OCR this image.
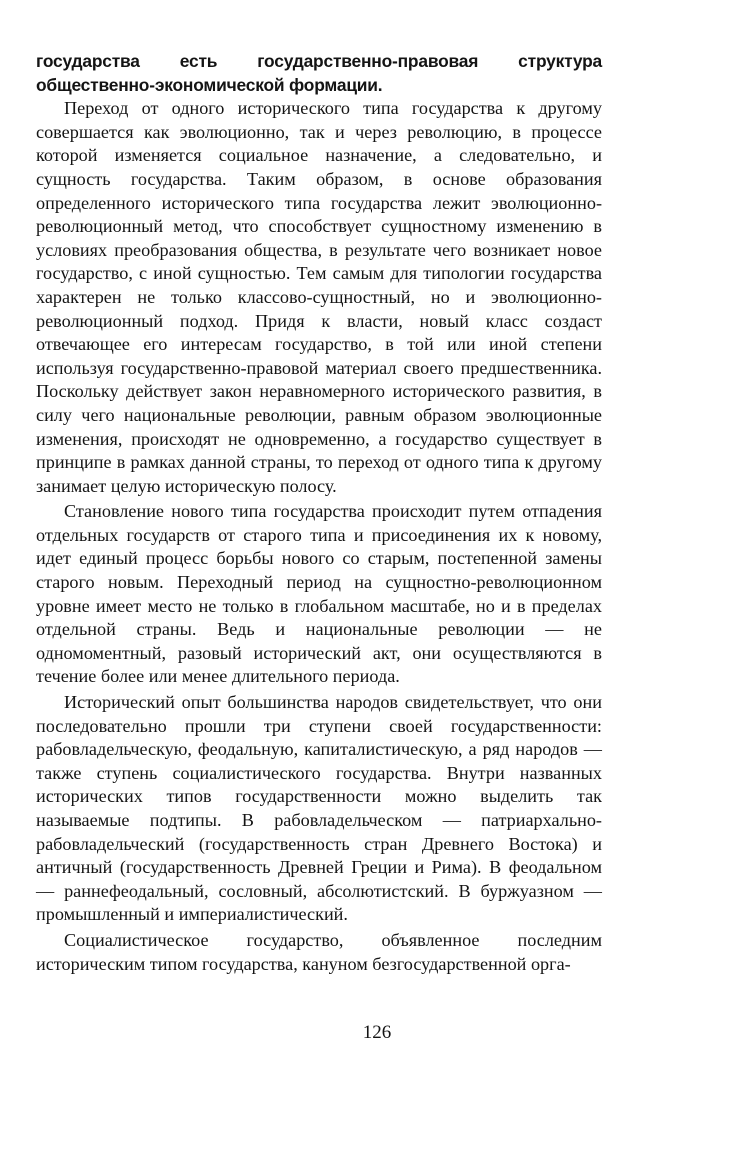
государства есть государственно-правовая структура общественно-экономической формации.

Переход от одного исторического типа государства к другому совершается как эволюционно, так и через революцию, в процессе которой изменяется социальное назначение, а следовательно, и сущность государства. Таким образом, в основе образования определенного исторического типа государства лежит эволюционно-революционный метод, что способствует сущностному изменению в условиях преобразования общества, в результате чего возникает новое государство, с иной сущностью. Тем самым для типологии государства характерен не только классово-сущностный, но и эволюционно-революционный подход. Придя к власти, новый класс создаст отвечающее его интересам государство, в той или иной степени используя государственно-правовой материал своего предшественника. Поскольку действует закон неравномерного исторического развития, в силу чего национальные революции, равным образом эволюционные изменения, происходят не одновременно, а государство существует в принципе в рамках данной страны, то переход от одного типа к другому занимает целую историческую полосу.

Становление нового типа государства происходит путем отпадения отдельных государств от старого типа и присоединения их к новому, идет единый процесс борьбы нового со старым, постепенной замены старого новым. Переходный период на сущностно-революционном уровне имеет место не только в глобальном масштабе, но и в пределах отдельной страны. Ведь и национальные революции — не одномоментный, разовый исторический акт, они осуществляются в течение более или менее длительного периода.

Исторический опыт большинства народов свидетельствует, что они последовательно прошли три ступени своей государственности: рабовладельческую, феодальную, капиталистическую, а ряд народов — также ступень социалистического государства. Внутри названных исторических типов государственности можно выделить так называемые подтипы. В рабовладельческом — патриархально-рабовладельческий (государственность стран Древнего Востока) и античный (государственность Древней Греции и Рима). В феодальном — раннефеодальный, сословный, абсолютистский. В буржуазном — промышленный и империалистический.

Социалистическое государство, объявленное последним историческим типом государства, кануном безгосударственной орга-

126
